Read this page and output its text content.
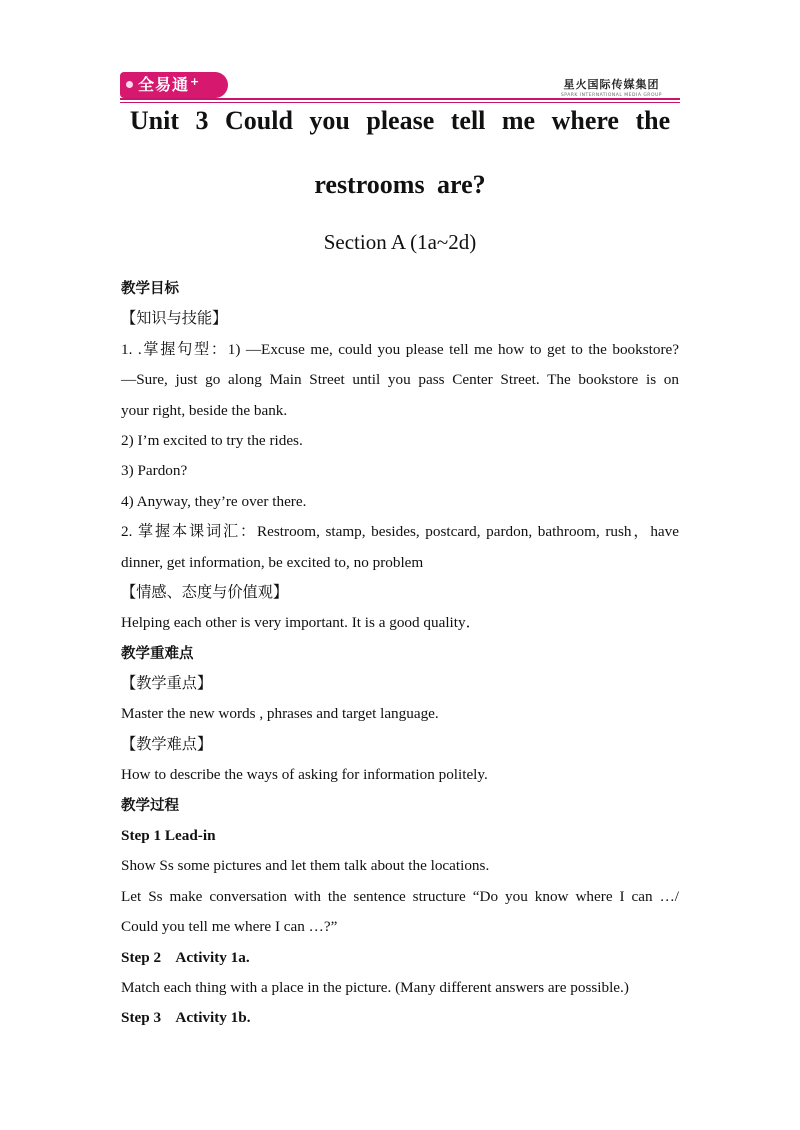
全易通+	星火国际传媒集团
SPARK INTERNATIONAL MEDIA GROUP
Unit 3 Could you please tell me where the
restrooms are?
Section A (1a~2d)
教学目标
【知识与技能】
1. .掌握句型：1) —Excuse me, could you please tell me how to get to the bookstore?
—Sure, just go along Main Street until you pass Center Street. The bookstore is on
your right, beside the bank.
2) I’m excited to try the rides.
3) Pardon?
4) Anyway, they’re over there.
2. 掌握本课词汇：Restroom, stamp, besides, postcard, pardon, bathroom, rush，have
dinner, get information, be excited to, no problem
【情感、态度与价值观】
Helping each other is very important. It is a good quality．
教学重难点
【教学重点】
Master the new words , phrases and target language.
【教学难点】
How to describe the ways of asking for information politely.
教学过程
Step 1 Lead-in
Show Ss some pictures and let them talk about the locations.
Let Ss make conversation with the sentence structure “Do you know where I can …/
Could you tell me where I can …?”
Step 2    Activity 1a.
Match each thing with a place in the picture. (Many different answers are possible.)
Step 3    Activity 1b.
